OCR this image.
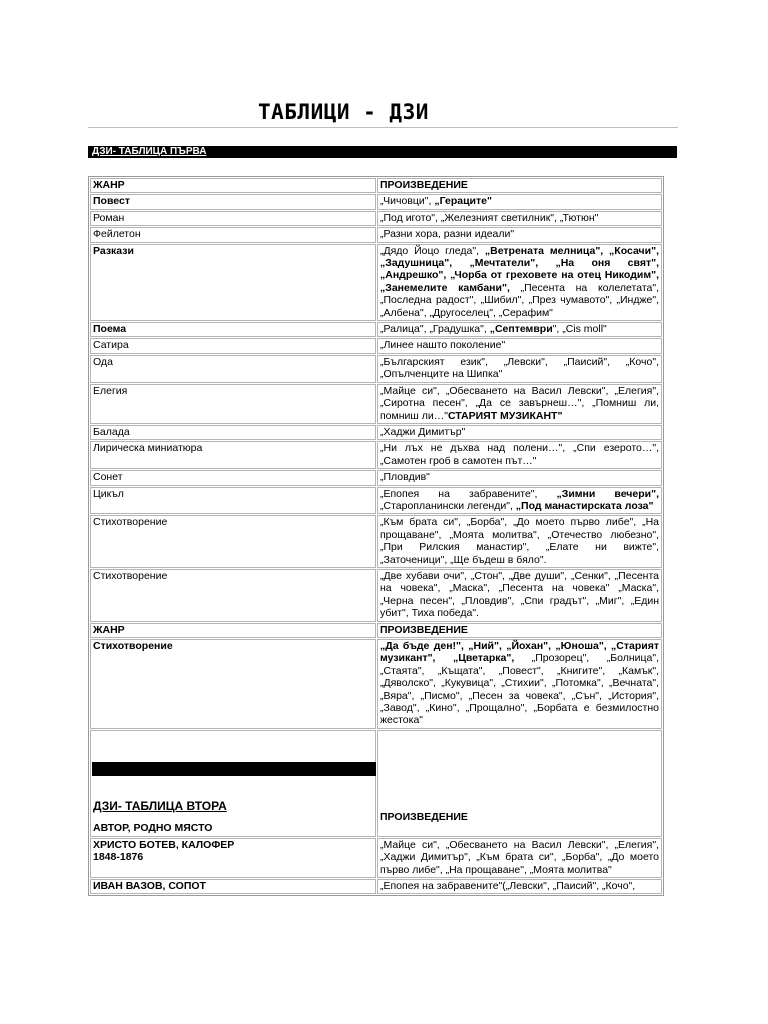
ТАБЛИЦИ - ДЗИ
ДЗИ- ТАБЛИЦА ПЪРВА
ЖАНР	ПРОИЗВЕДЕНИЕ
Повест	„Чичовци", „Гераците"
Роман	„Под игото", „Железният светилник", „Тютюн"
Фейлетон	„Разни хора, разни идеали"
Разкази	„Дядо Йоцо гледа", „Ветрената мелница", „Косачи", „Задушница", „Мечтатели", „На оня свят", „Андрешко", „Чорба от греховете на отец Никодим", „Занемелите камбани", „Песента на колелетата", „Последна радост", „Шибил", „През чумавото", „Индже", „Албена", „Другоселец", „Серафим"
Поема	„Ралица", „Градушка", „Септември", „Cis moll"
Сатира	„Линее нашто поколение"
Ода	„Българският език", „Левски", „Паисий", „Кочо", „Опълченците на Шипка"
Елегия	„Майце си", „Обесването на Васил Левски", „Елегия", „Сиротна песен", „Да се завърнеш…", „Помниш ли, помниш ли…"СТАРИЯТ МУЗИКАНТ"
Балада	„Хаджи Димитър"
Лирическа миниатюра	„Ни лъх не дъхва над полени…", „Спи езерото…", „Самотен гроб в самотен път…"
Сонет	„Пловдив"
Цикъл	„Епопея на забравените", „Зимни вечери", „Старопланински легенди", „Под манастирската лоза"
Стихотворение	„Към брата си", „Борба", „До моето първо либе", „На прощаване", „Моята молитва", „Отечество любезно", „При Рилския манастир", „Елате ни вижте", „Заточеници", „Ще бъдеш в бяло".
Стихотворение	„Две хубави очи", „Стон", „Две души", „Сенки", „Песента на човека", „Маска", „Песента на човека" „Маска", „Черна песен", „Пловдив", „Спи градът", „Миг", „Един убит", Тиха победа".
ЖАНР	ПРОИЗВЕДЕНИЕ
Стихотворение	„Да бъде ден!", „Ний", „Йохан", „Юноша", „Старият музикант", „Цветарка", „Прозорец", „Болница", „Стаята", „Къщата", „Повест", „Книгите", „Камък", „Дяволско", „Кукувица", „Стихии", „Потомка", „Вечната", „Вяра", „Писмо", „Песен за човека", „Сън", „История", „Завод", „Кино", „Прощално", „Борбата е безмилостно жестока"

ДЗИ- ТАБЛИЦА ВТОРА
АВТОР, РОДНО МЯСТО	ПРОИЗВЕДЕНИЕ

ХРИСТО БОТЕВ, КАЛОФЕР
1848-1876	„Майце си", „Обесването на Васил Левски", „Елегия", „Хаджи Димитър", „Към брата си", „Борба", „До моето първо либе", „На прощаване", „Моята молитва"

ИВАН ВАЗОВ, СОПОТ	„Епопея на забравените"(„Левски", „Паисий", „Кочо",
